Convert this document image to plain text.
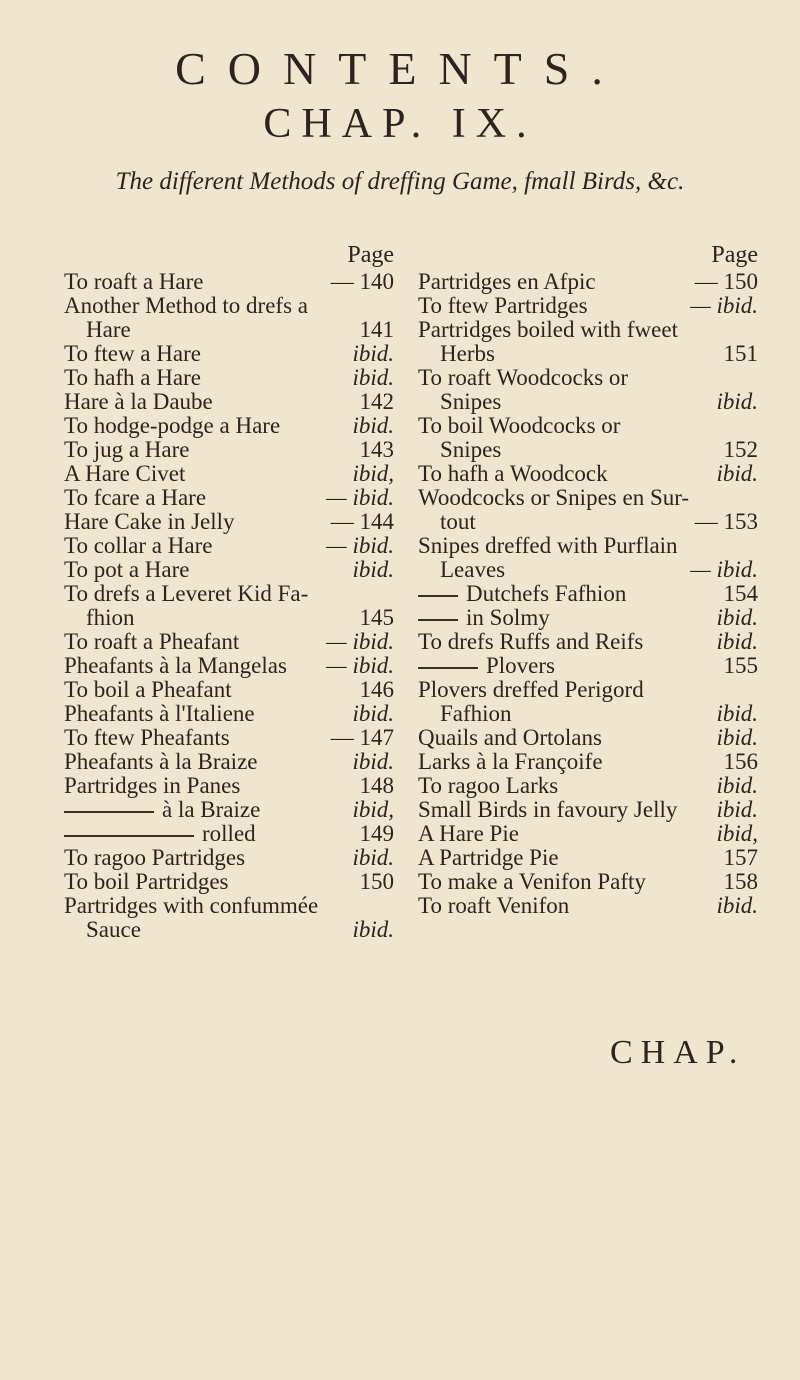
CONTENTS.
CHAP. IX.
The different Methods of dreffing Game, fmall Birds, &c.
Page
To roaft a Hare	— 140
Another Method to drefs a
Hare	141
To ftew a Hare	ibid.
To hafh a Hare	ibid.
Hare à la Daube	142
To hodge-podge a Hare	ibid.
To jug a Hare	143
A Hare Civet	ibid,
To fcare a Hare	— ibid.
Hare Cake in Jelly	— 144
To collar a Hare	— ibid.
To pot a Hare	ibid.
To drefs a Leveret Kid Fa-
fhion	145
To roaft a Pheafant	— ibid.
Pheafants à la Mangelas — ibid.
To boil a Pheafant	146
Pheafants à l'Italiene	ibid.
To ftew Pheafants	— 147
Pheafants à la Braize	ibid.
Partridges in Panes	148
à la Braize	ibid,
rolled	149
To ragoo Partridges	ibid.
To boil Partridges	150
Partridges with confummée
Sauce	ibid.
Page
Partridges en Afpic	— 150
To ftew Partridges	— ibid.
Partridges boiled with fweet
Herbs	151
To roaft Woodcocks or
Snipes	ibid.
To boil Woodcocks or
Snipes	152
To hafh a Woodcock	ibid.
Woodcocks or Snipes en Sur-
tout	— 153
Snipes dreffed with Purflain
Leaves	— ibid.
Dutchefs Fafhion	154
in Solmy	ibid.
To drefs Ruffs and Reifs	ibid.
Plovers	155
Plovers dreffed Perigord
Fafhion	ibid.
Quails and Ortolans	ibid.
Larks à la Françoife	156
To ragoo Larks	ibid.
Small Birds in favoury Jelly	ibid.
A Hare Pie	ibid,
A Partridge Pie	157
To make a Venifon Pafty	158
To roaft Venifon	ibid.
CHAP.
